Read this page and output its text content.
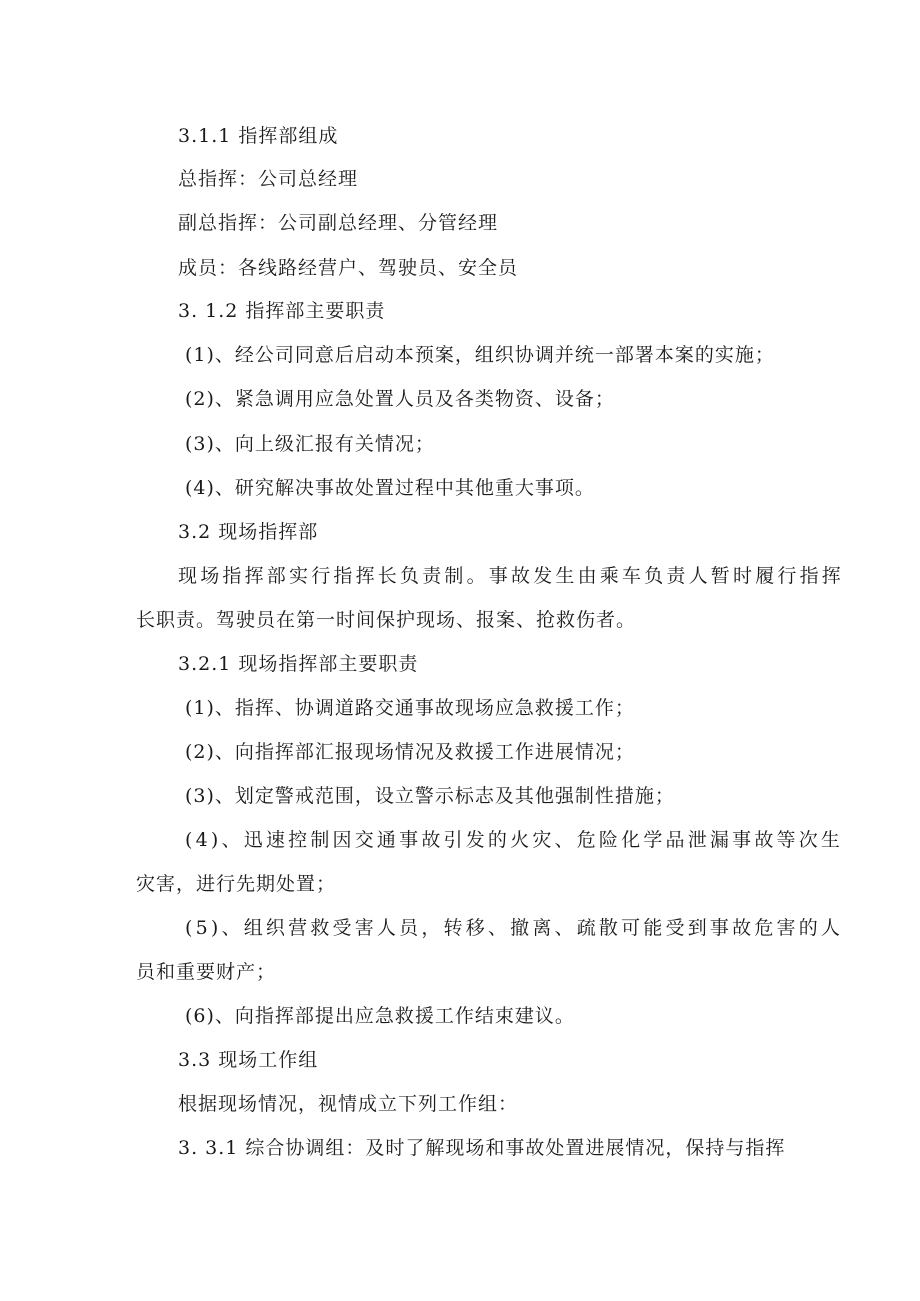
3.1.1 指挥部组成
总指挥：公司总经理
副总指挥：公司副总经理、分管经理
成员：各线路经营户、驾驶员、安全员
3. 1.2 指挥部主要职责
(1)、经公司同意后启动本预案，组织协调并统一部署本案的实施；
(2)、紧急调用应急处置人员及各类物资、设备；
(3)、向上级汇报有关情况；
(4)、研究解决事故处置过程中其他重大事项。
3.2 现场指挥部
现场指挥部实行指挥长负责制。事故发生由乘车负责人暂时履行指挥
长职责。驾驶员在第一时间保护现场、报案、抢救伤者。
3.2.1 现场指挥部主要职责
(1)、指挥、协调道路交通事故现场应急救援工作；
(2)、向指挥部汇报现场情况及救援工作进展情况；
(3)、划定警戒范围，设立警示标志及其他强制性措施；
(4)、迅速控制因交通事故引发的火灾、危险化学品泄漏事故等次生
灾害，进行先期处置；
(5)、组织营救受害人员，转移、撤离、疏散可能受到事故危害的人
员和重要财产；
(6)、向指挥部提出应急救援工作结束建议。
3.3 现场工作组
根据现场情况，视情成立下列工作组：
3. 3.1 综合协调组：及时了解现场和事故处置进展情况，保持与指挥
